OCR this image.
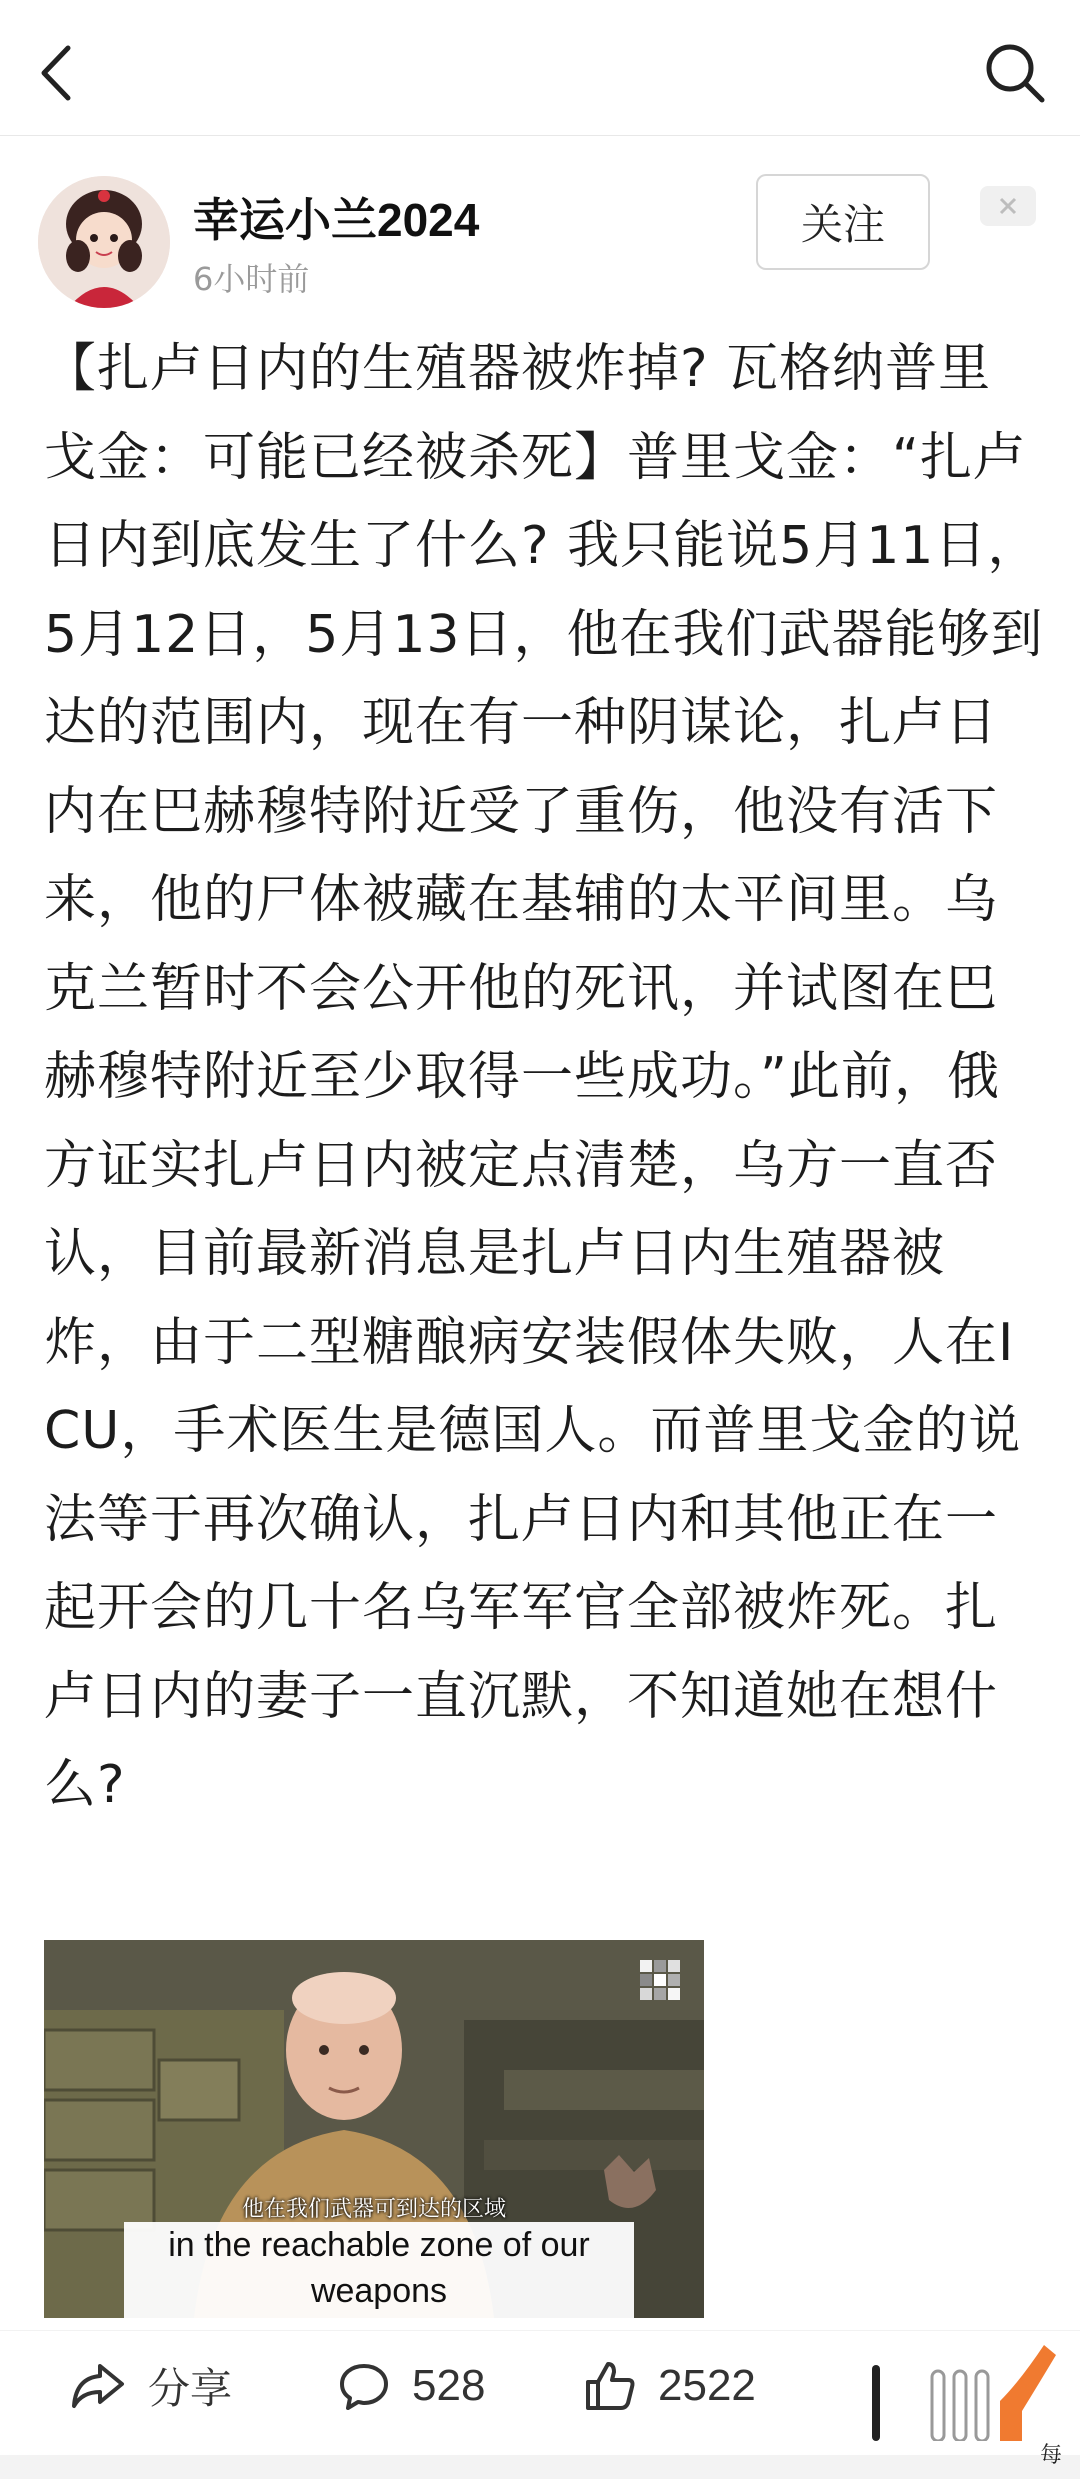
幸运小兰2024
6小时前
关注
【扎卢日内的生殖器被炸掉? 瓦格纳普里戈金：可能已经被杀死】普里戈金：“扎卢日内到底发生了什么? 我只能说5月11日，5月12日，5月13日，他在我们武器能够到达的范围内，现在有一种阴谋论，扎卢日内在巴赫穆特附近受了重伤，他没有活下来，他的尸体被藏在基辅的太平间里。乌克兰暂时不会公开他的死讯，并试图在巴赫穆特附近至少取得一些成功。”此前，俄方证实扎卢日内被定点清楚，乌方一直否认，目前最新消息是扎卢日内生殖器被炸，由于二型糖酿病安装假体失败，人在ICU，手术医生是德国人。而普里戈金的说法等于再次确认，扎卢日内和其他正在一起开会的几十名乌军军官全部被炸死。扎卢日内的妻子一直沉默，不知道她在想什么?
他在我们武器可到达的区域
in the reachable zone of our weapons
分享	528	2522
每
